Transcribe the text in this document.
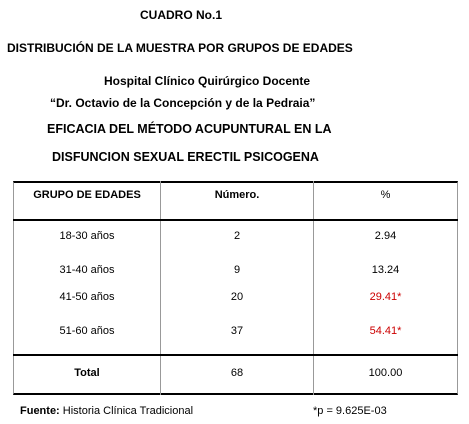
CUADRO No.1
DISTRIBUCIÓN DE LA MUESTRA POR GRUPOS DE EDADES
Hospital Clínico Quirúrgico Docente
“Dr. Octavio de la Concepción y de la Pedraia”
EFICACIA DEL MÉTODO ACUPUNTURAL EN LA
DISFUNCION SEXUAL ERECTIL PSICOGENA
GRUPO DE EDADES	Número.	%
18-30 años	2	2.94
31-40 años	9	13.24
41-50 años	20	29.41*
51-60 años	37	54.41*
Total	68	100.00
Fuente: Historia Clínica Tradicional	*p = 9.625E-03
